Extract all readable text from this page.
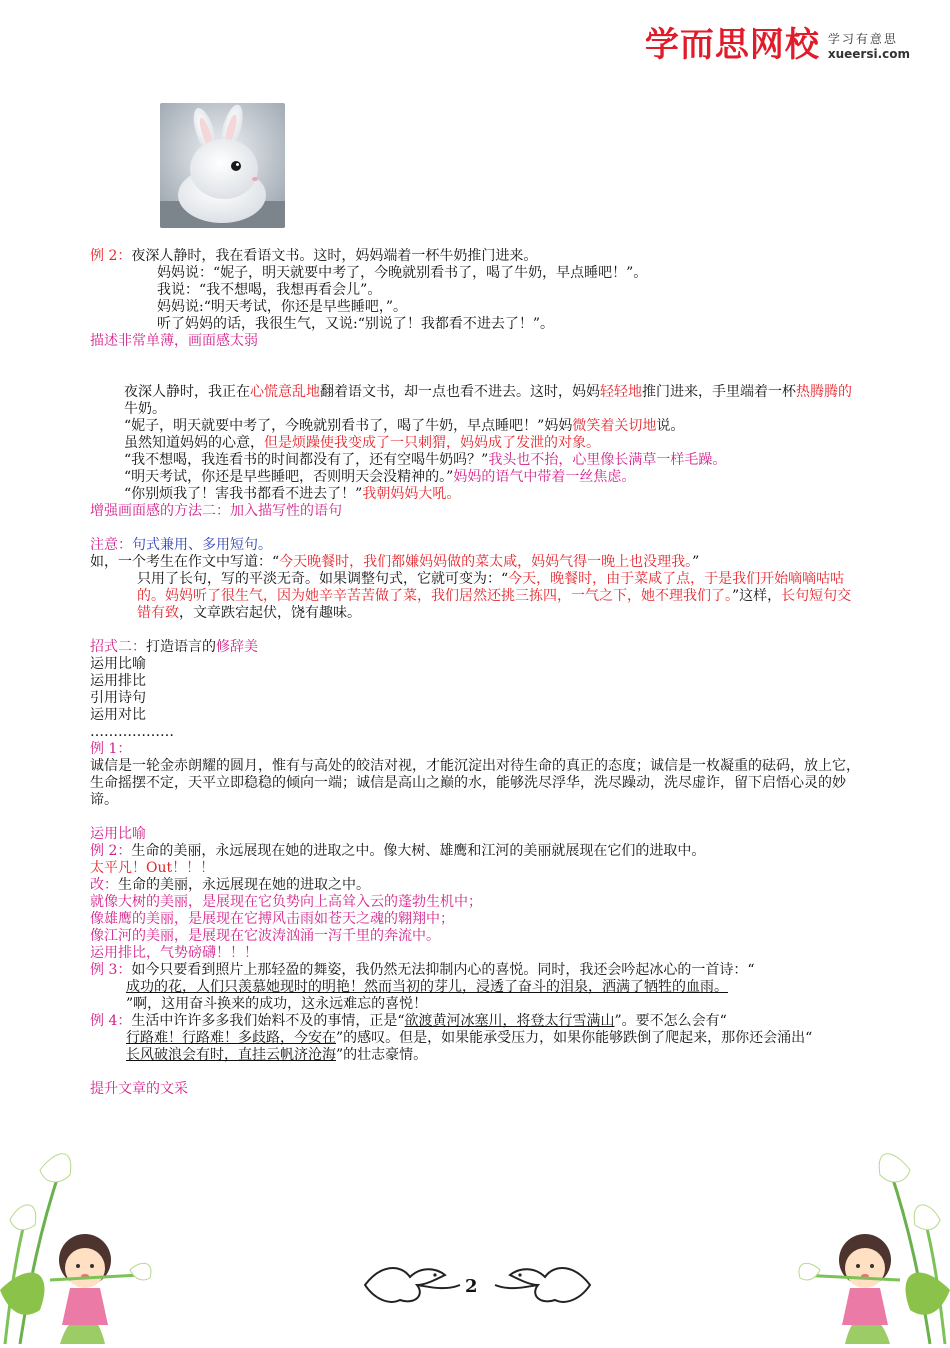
学而思网校 学习有意思
xueersi.com

例 2：夜深人静时，我在看语文书。这时，妈妈端着一杯牛奶推门进来。

妈妈说：“妮子，明天就要中考了，今晚就别看书了，喝了牛奶，早点睡吧！”。

我说：“我不想喝，我想再看会儿”。

妈妈说:“明天考试，你还是早些睡吧，”。

听了妈妈的话，我很生气，又说:“别说了！我都看不进去了！”。

描述非常单薄，画面感太弱

夜深人静时，我正在心慌意乱地翻着语文书，却一点也看不进去。这时，妈妈轻轻地推门进来，手里端着一杯热腾腾的牛奶。

“妮子，明天就要中考了，今晚就别看书了，喝了牛奶，早点睡吧！”妈妈微笑着关切地说。

虽然知道妈妈的心意，但是烦躁使我变成了一只刺猬，妈妈成了发泄的对象。

“我不想喝，我连看书的时间都没有了，还有空喝牛奶吗？”我头也不抬，心里像长满草一样毛躁。

“明天考试，你还是早些睡吧，否则明天会没精神的。”妈妈的语气中带着一丝焦虑。

“你别烦我了！害我书都看不进去了！”我朝妈妈大吼。

增强画面感的方法二：加入描写性的语句

注意：句式兼用、多用短句。

如，一个考生在作文中写道：“今天晚餐时，我们都嫌妈妈做的菜太咸，妈妈气得一晚上也没理我。”

只用了长句，写的平淡无奇。如果调整句式，它就可变为：“今天，晚餐时，由于菜咸了点，于是我们开始嘀嘀咕咕的。妈妈听了很生气，因为她辛辛苦苦做了菜，我们居然还挑三拣四，一气之下，她不理我们了。”这样，长句短句交错有致，文章跌宕起伏，饶有趣味。

招式二：打造语言的修辞美

运用比喻

运用排比

引用诗句

运用对比

………………

例 1：

诚信是一轮金赤朗耀的圆月，惟有与高处的皎洁对视，才能沉淀出对待生命的真正的态度；诚信是一枚凝重的砝码，放上它，生命摇摆不定，天平立即稳稳的倾向一端；诚信是高山之巅的水，能够洗尽浮华，洗尽躁动，洗尽虚诈，留下启悟心灵的妙谛。

运用比喻

例 2：生命的美丽，永远展现在她的进取之中。像大树、雄鹰和江河的美丽就展现在它们的进取中。

太平凡！Out！！！

改：生命的美丽，永远展现在她的进取之中。

就像大树的美丽，是展现在它负势向上高耸入云的蓬勃生机中；

像雄鹰的美丽，是展现在它搏风击雨如苍天之魂的翱翔中；

像江河的美丽，是展现在它波涛汹涌一泻千里的奔流中。

运用排比，气势磅礴！！！

例 3：如今只要看到照片上那轻盈的舞姿，我仍然无法抑制内心的喜悦。同时，我还会吟起冰心的一首诗：“

成功的花，人们只羡慕她现时的明艳！然而当初的芽儿，浸透了奋斗的泪泉，洒满了牺牲的血雨。

”啊，这用奋斗换来的成功，这永远难忘的喜悦！

例 4：生活中许许多多我们始料不及的事情，正是“欲渡黄河冰塞川，将登太行雪满山”。要不怎么会有“

行路难！行路难！多歧路，今安在”的感叹。但是，如果能承受压力，如果你能够跌倒了爬起来，那你还会涌出“

长风破浪会有时，直挂云帆济沧海”的壮志豪情。

提升文章的文采

2
